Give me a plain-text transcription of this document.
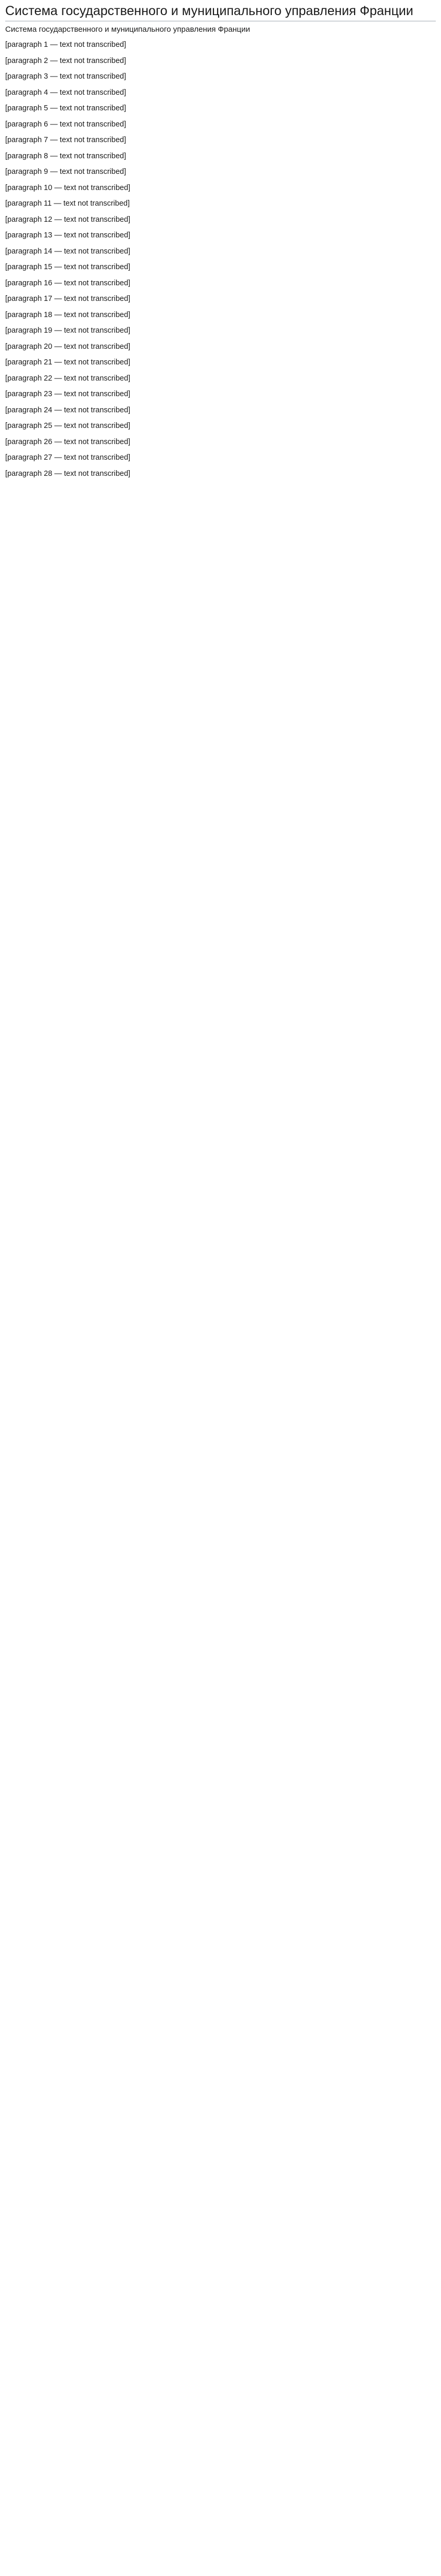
Система государственного и муниципального управления Франции

Система государственного и муниципального управления Франции

[paragraph 1 — text not transcribed]

[paragraph 2 — text not transcribed]

[paragraph 3 — text not transcribed]

[paragraph 4 — text not transcribed]

[paragraph 5 — text not transcribed]

[paragraph 6 — text not transcribed]

[paragraph 7 — text not transcribed]

[paragraph 8 — text not transcribed]

[paragraph 9 — text not transcribed]

[paragraph 10 — text not transcribed]

[paragraph 11 — text not transcribed]

[paragraph 12 — text not transcribed]

[paragraph 13 — text not transcribed]

[paragraph 14 — text not transcribed]

[paragraph 15 — text not transcribed]

[paragraph 16 — text not transcribed]

[paragraph 17 — text not transcribed]

[paragraph 18 — text not transcribed]

[paragraph 19 — text not transcribed]

[paragraph 20 — text not transcribed]

[paragraph 21 — text not transcribed]

[paragraph 22 — text not transcribed]

[paragraph 23 — text not transcribed]

[paragraph 24 — text not transcribed]

[paragraph 25 — text not transcribed]

[paragraph 26 — text not transcribed]

[paragraph 27 — text not transcribed]

[paragraph 28 — text not transcribed]
